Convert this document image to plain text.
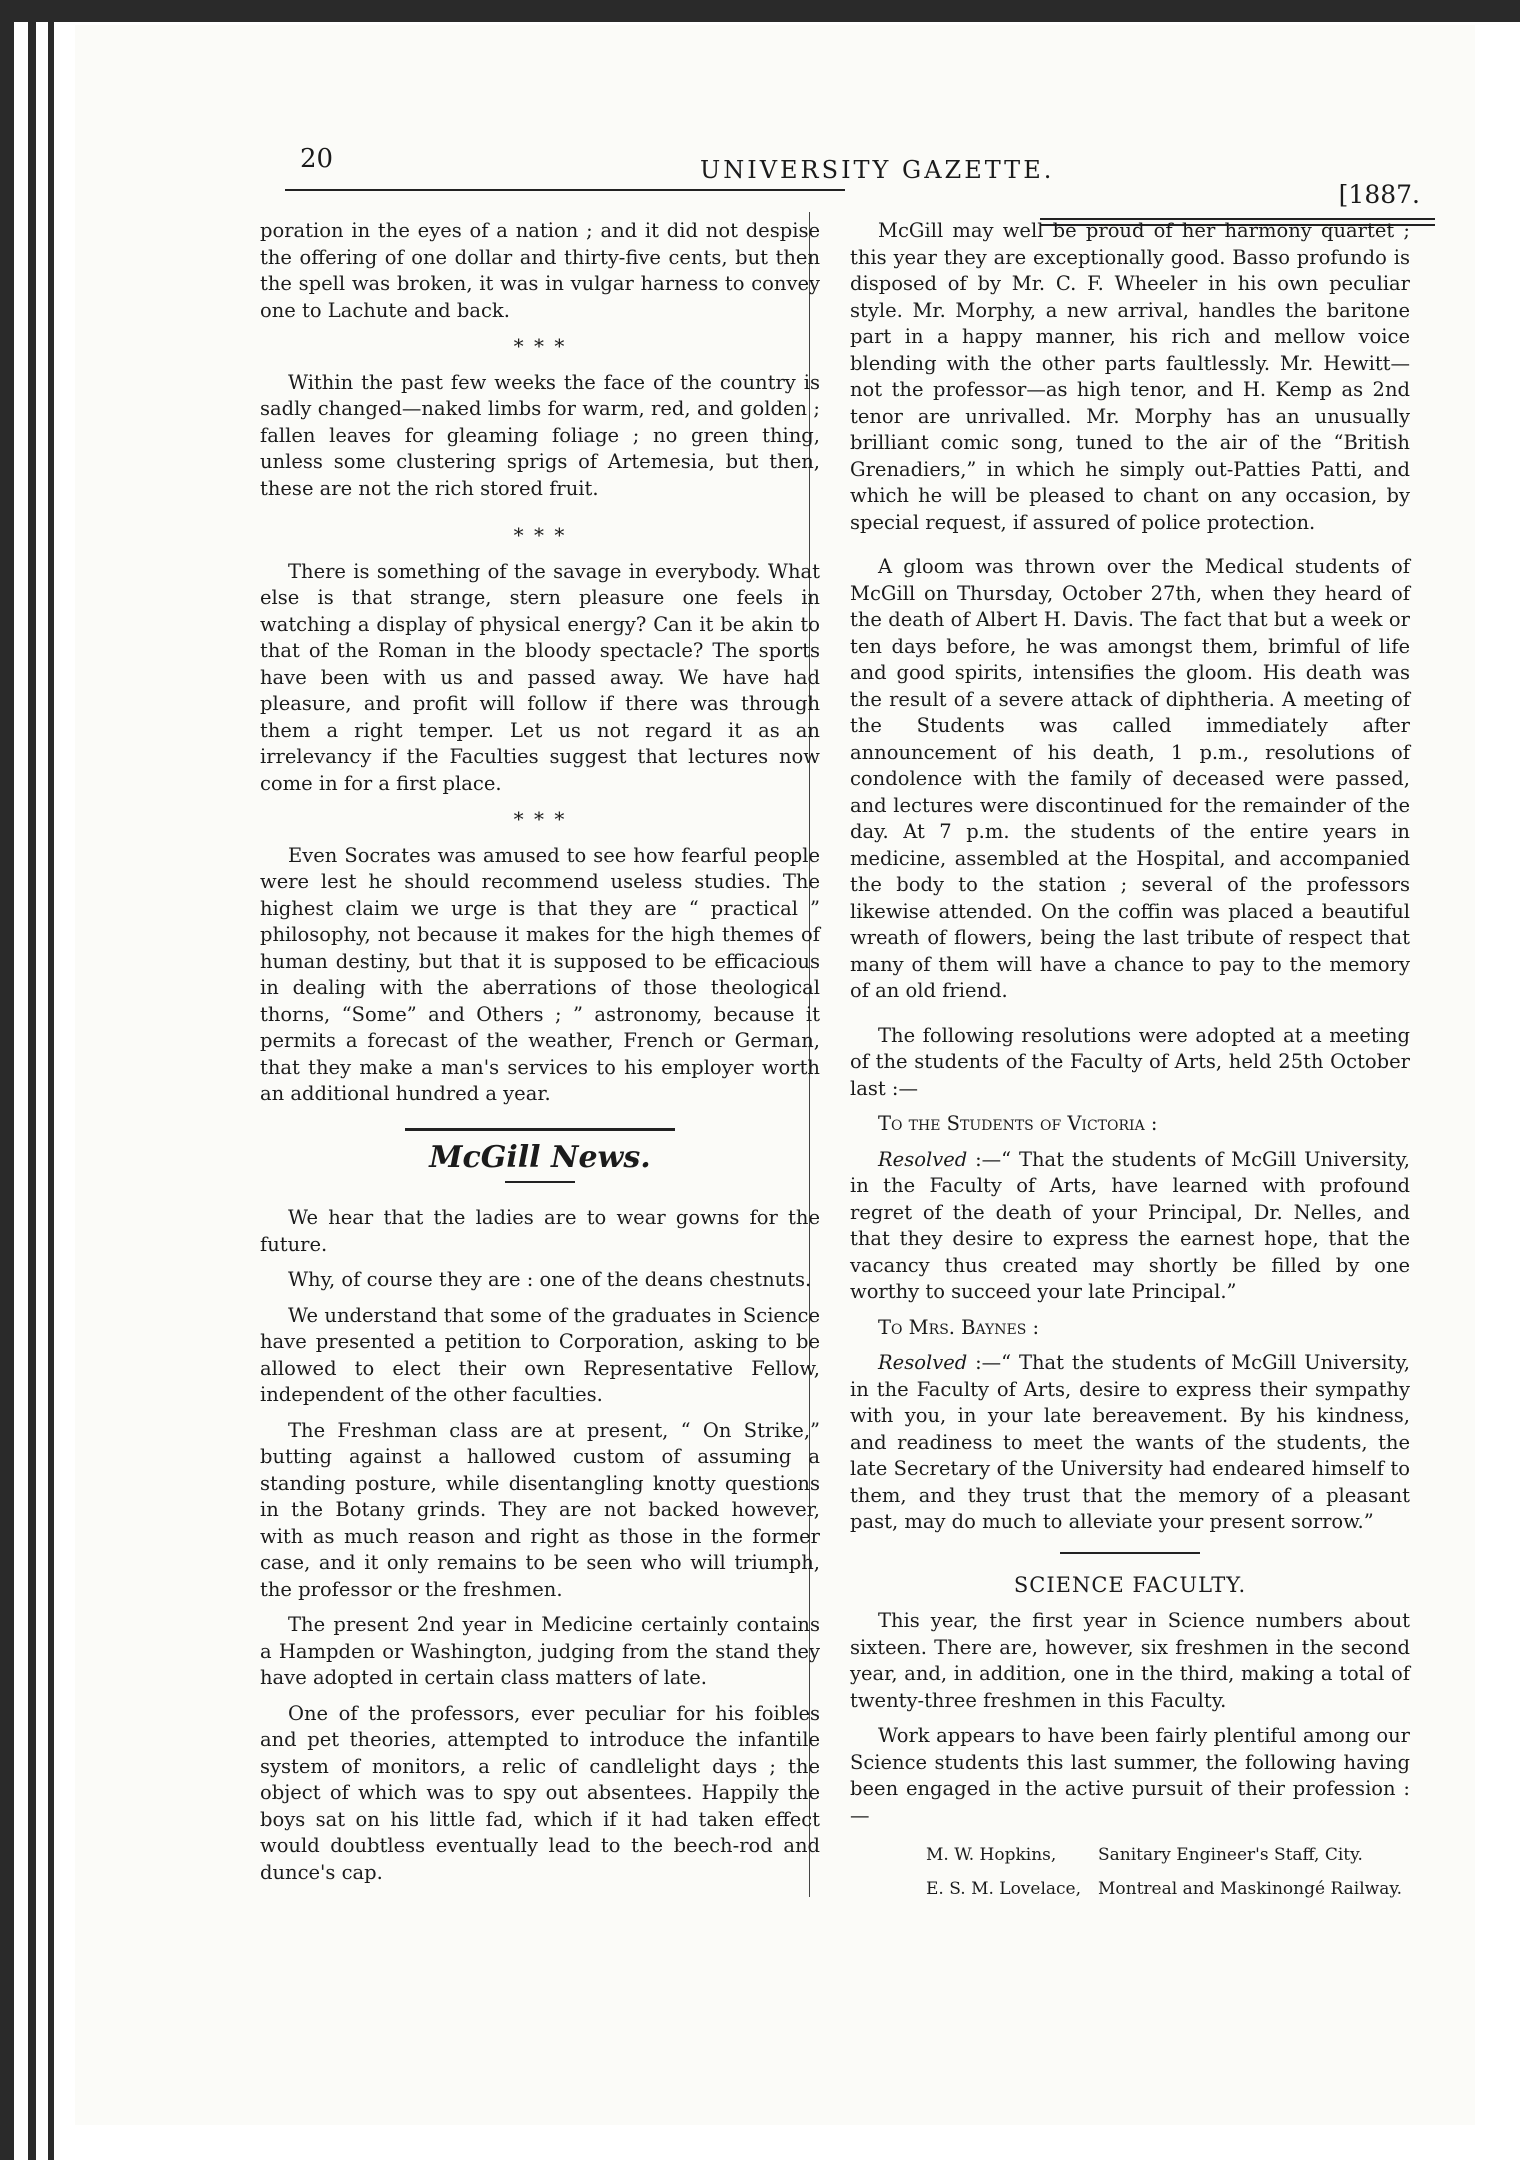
20	UNIVERSITY GAZETTE.
[1887.

poration in the eyes of a nation ; and it did not despise the offering of one dollar and thirty-five cents, but then the spell was broken, it was in vulgar harness to convey one to Lachute and back.

* * *

Within the past few weeks the face of the country is sadly changed—naked limbs for warm, red, and golden ; fallen leaves for gleaming foliage ; no green thing, unless some clustering sprigs of Artemesia, but then, these are not the rich stored fruit.

* * *

There is something of the savage in everybody. What else is that strange, stern pleasure one feels in watching a display of physical energy? Can it be akin to that of the Roman in the bloody spectacle? The sports have been with us and passed away. We have had pleasure, and profit will follow if there was through them a right temper. Let us not regard it as an irrelevancy if the Faculties suggest that lectures now come in for a first place.

* * *

Even Socrates was amused to see how fearful people were lest he should recommend useless studies. The highest claim we urge is that they are “ practical ” philosophy, not because it makes for the high themes of human destiny, but that it is supposed to be efficacious in dealing with the aberrations of those theological thorns, “Some” and Others ; ” astronomy, because it permits a forecast of the weather, French or German, that they make a man's services to his employer worth an additional hundred a year.

McGill News.

We hear that the ladies are to wear gowns for the future.

Why, of course they are : one of the deans chestnuts.

We understand that some of the graduates in Science have presented a petition to Corporation, asking to be allowed to elect their own Representative Fellow, independent of the other faculties.

The Freshman class are at present, “ On Strike,” butting against a hallowed custom of assuming a standing posture, while disentangling knotty questions in the Botany grinds. They are not backed however, with as much reason and right as those in the former case, and it only remains to be seen who will triumph, the professor or the freshmen.

The present 2nd year in Medicine certainly contains a Hampden or Washington, judging from the stand they have adopted in certain class matters of late.

One of the professors, ever peculiar for his foibles and pet theories, attempted to introduce the infantile system of monitors, a relic of candlelight days ; the object of which was to spy out absentees. Happily the boys sat on his little fad, which if it had taken effect would doubtless eventually lead to the beech-rod and dunce's cap.

McGill may well be proud of her harmony quartet ; this year they are exceptionally good. Basso profundo is disposed of by Mr. C. F. Wheeler in his own peculiar style. Mr. Morphy, a new arrival, handles the baritone part in a happy manner, his rich and mellow voice blending with the other parts faultlessly. Mr. Hewitt—not the professor—as high tenor, and H. Kemp as 2nd tenor are unrivalled. Mr. Morphy has an unusually brilliant comic song, tuned to the air of the “British Grenadiers,” in which he simply out-Patties Patti, and which he will be pleased to chant on any occasion, by special request, if assured of police protection.

A gloom was thrown over the Medical students of McGill on Thursday, October 27th, when they heard of the death of Albert H. Davis. The fact that but a week or ten days before, he was amongst them, brimful of life and good spirits, intensifies the gloom. His death was the result of a severe attack of diphtheria. A meeting of the Students was called immediately after announcement of his death, 1 p.m., resolutions of condolence with the family of deceased were passed, and lectures were discontinued for the remainder of the day. At 7 p.m. the students of the entire years in medicine, assembled at the Hospital, and accompanied the body to the station ; several of the professors likewise attended. On the coffin was placed a beautiful wreath of flowers, being the last tribute of respect that many of them will have a chance to pay to the memory of an old friend.

The following resolutions were adopted at a meeting of the students of the Faculty of Arts, held 25th October last :—

To the Students of Victoria :

Resolved :—“ That the students of McGill University, in the Faculty of Arts, have learned with profound regret of the death of your Principal, Dr. Nelles, and that they desire to express the earnest hope, that the vacancy thus created may shortly be filled by one worthy to succeed your late Principal.”

To Mrs. Baynes :

Resolved :—“ That the students of McGill University, in the Faculty of Arts, desire to express their sympathy with you, in your late bereavement. By his kindness, and readiness to meet the wants of the students, the late Secretary of the University had endeared himself to them, and they trust that the memory of a pleasant past, may do much to alleviate your present sorrow.”

SCIENCE FACULTY.

This year, the first year in Science numbers about sixteen. There are, however, six freshmen in the second year, and, in addition, one in the third, making a total of twenty-three freshmen in this Faculty.

Work appears to have been fairly plentiful among our Science students this last summer, the following having been engaged in the active pursuit of their profession :—

M. W. Hopkins, Sanitary Engineer's Staff, City.

E. S. M. Lovelace, Montreal and Maskinongé Railway.
